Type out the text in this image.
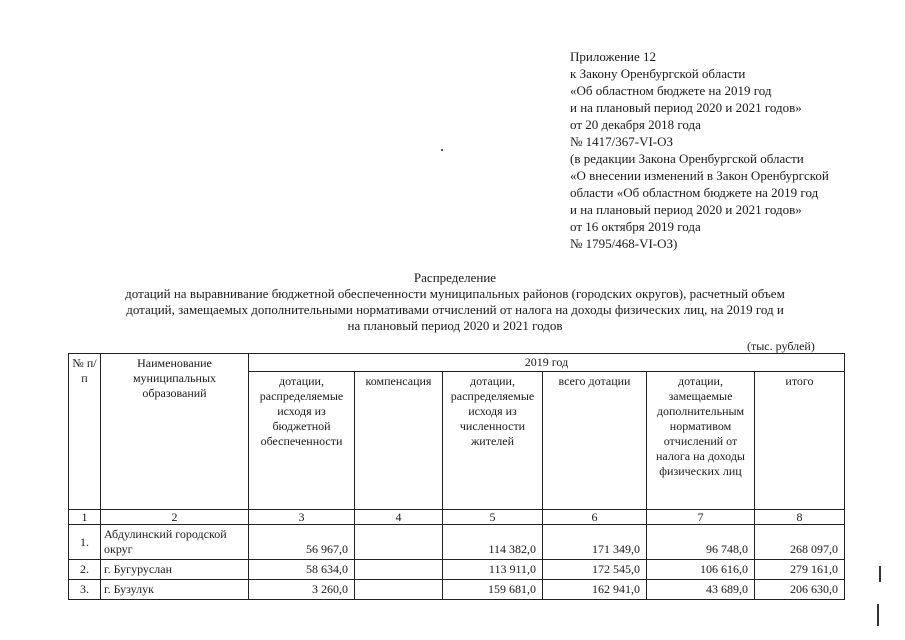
Приложение 12
к Закону Оренбургской области
«Об областном бюджете на 2019 год
и на плановый период 2020 и 2021 годов»
от 20 декабря 2018 года
№ 1417/367-VI-ОЗ
(в редакции Закона Оренбургской области
«О внесении изменений в Закон Оренбургской
области «Об областном бюджете на 2019 год
и на плановый период 2020 и 2021 годов»
от 16 октября 2019 года
№ 1795/468-VI-ОЗ)
Распределение
дотаций на выравнивание бюджетной обеспеченности муниципальных районов (городских округов), расчетный объем
дотаций, замещаемых дополнительными нормативами отчислений от налога на доходы физических лиц, на 2019 год и
на плановый период 2020 и 2021 годов
(тыс. рублей)
№ п/п	Наименование муниципальных образований	2019 год					
		дотации, распределяемые исходя из бюджетной обеспеченности	компенсация	дотации, распределяемые исходя из численности жителей	всего дотации	дотации, замещаемые дополнительным нормативом отчислений от налога на доходы физических лиц	итого
1	2	3	4	5	6	7	8
1.	Абдулинский городской округ	56 967,0		114 382,0	171 349,0	96 748,0	268 097,0
2.	г. Бугуруслан	58 634,0		113 911,0	172 545,0	106 616,0	279 161,0
3.	г. Бузулук	3 260,0		159 681,0	162 941,0	43 689,0	206 630,0
